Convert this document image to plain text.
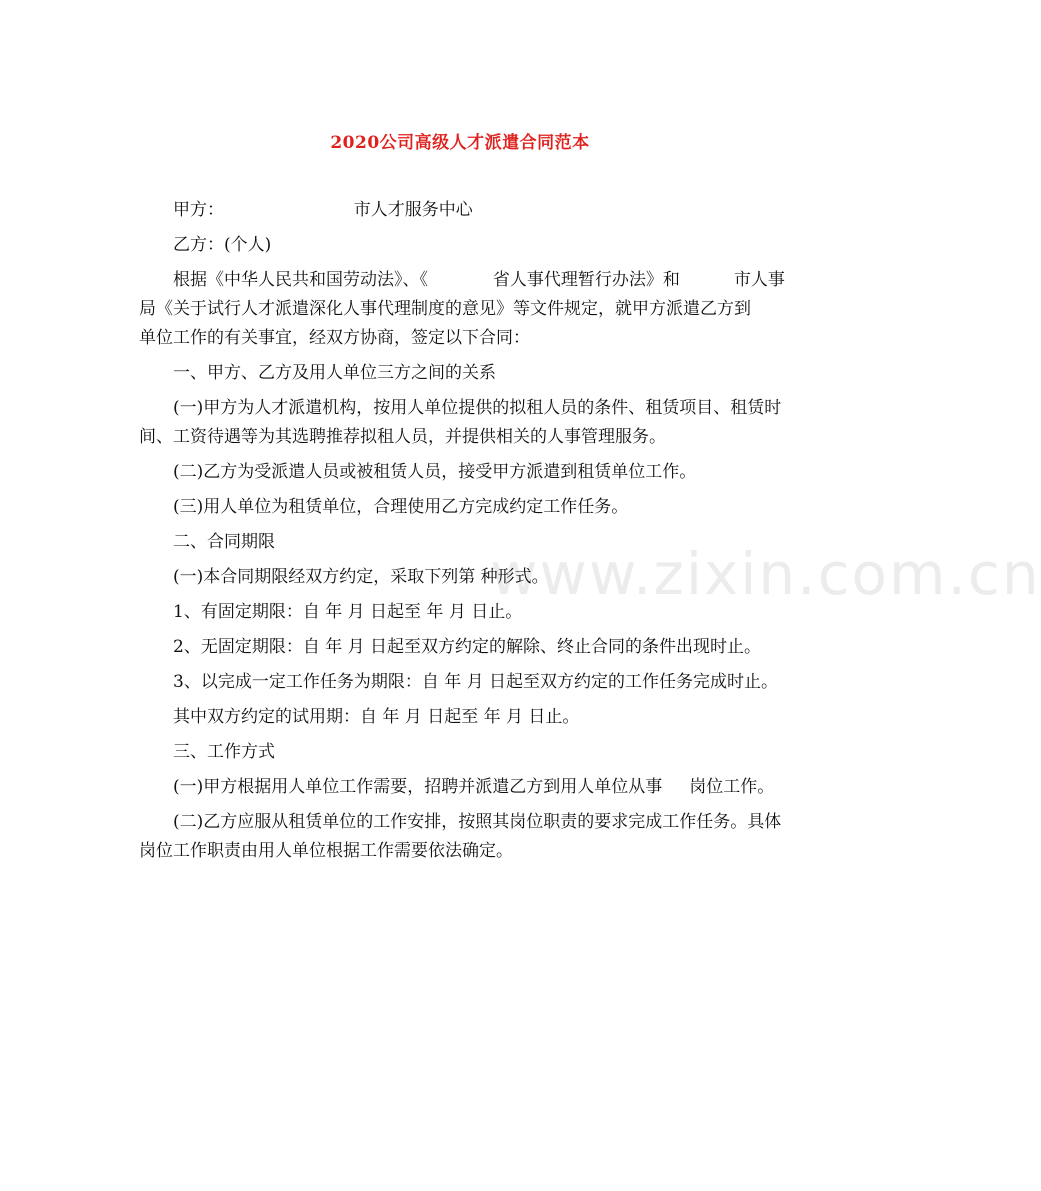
2020公司高级人才派遣合同范本
www.zixin.com.cn

甲方：                        市人才服务中心

乙方：(个人)

根据《中华人民共和国劳动法》、《            省人事代理暂行办法》和          市人事局《关于试行人才派遣深化人事代理制度的意见》等文件规定，就甲方派遣乙方到              单位工作的有关事宜，经双方协商，签定以下合同：

一、甲方、乙方及用人单位三方之间的关系

(一)甲方为人才派遣机构，按用人单位提供的拟租人员的条件、租赁项目、租赁时间、工资待遇等为其选聘推荐拟租人员，并提供相关的人事管理服务。

(二)乙方为受派遣人员或被租赁人员，接受甲方派遣到租赁单位工作。

(三)用人单位为租赁单位，合理使用乙方完成约定工作任务。

二、合同期限

(一)本合同期限经双方约定，采取下列第 种形式。

1、有固定期限：自 年 月 日起至 年 月 日止。

2、无固定期限：自 年 月 日起至双方约定的解除、终止合同的条件出现时止。

3、以完成一定工作任务为期限：自 年 月 日起至双方约定的工作任务完成时止。

其中双方约定的试用期：自 年 月 日起至 年 月 日止。

三、工作方式

(一)甲方根据用人单位工作需要，招聘并派遣乙方到用人单位从事     岗位工作。

(二)乙方应服从租赁单位的工作安排，按照其岗位职责的要求完成工作任务。具体岗位工作职责由用人单位根据工作需要依法确定。
